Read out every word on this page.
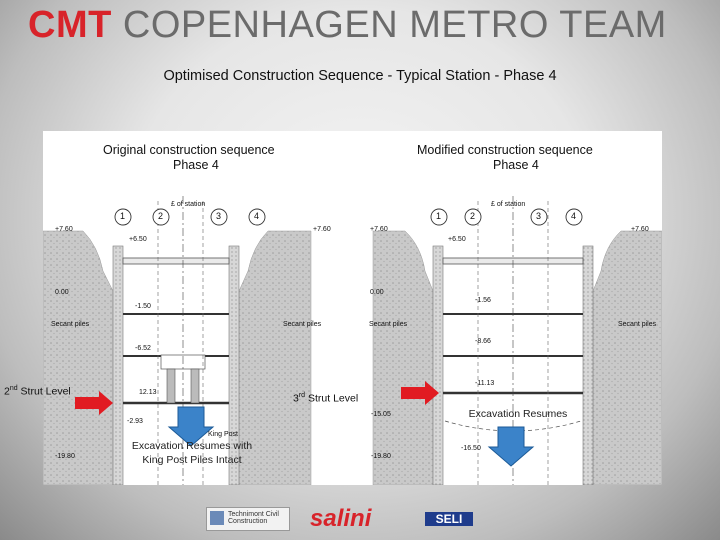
CMT COPENHAGEN METRO TEAM
Optimised Construction Sequence - Typical Station - Phase 4
Original construction sequence
Phase 4
Modified construction sequence
Phase 4
£ of station	£ of station
1	2	3	4	1	2	3	4
+7.60
+6.50
+7.60
0.00
-1.50
-6.52
12.13
-2.93
-19.80
Secant piles	Secant piles
King Post
+7.60
+6.50
+7.60
0.00
-1.56
-8.66
-11.13
-15.05
-19.80
-16.50
Secant piles	Secant piles
Excavation Resumes with
King Post Piles Intact
Excavation Resumes
2nd Strut Level
3rd Strut Level
Technimont Civil Construction	salini	SELI
